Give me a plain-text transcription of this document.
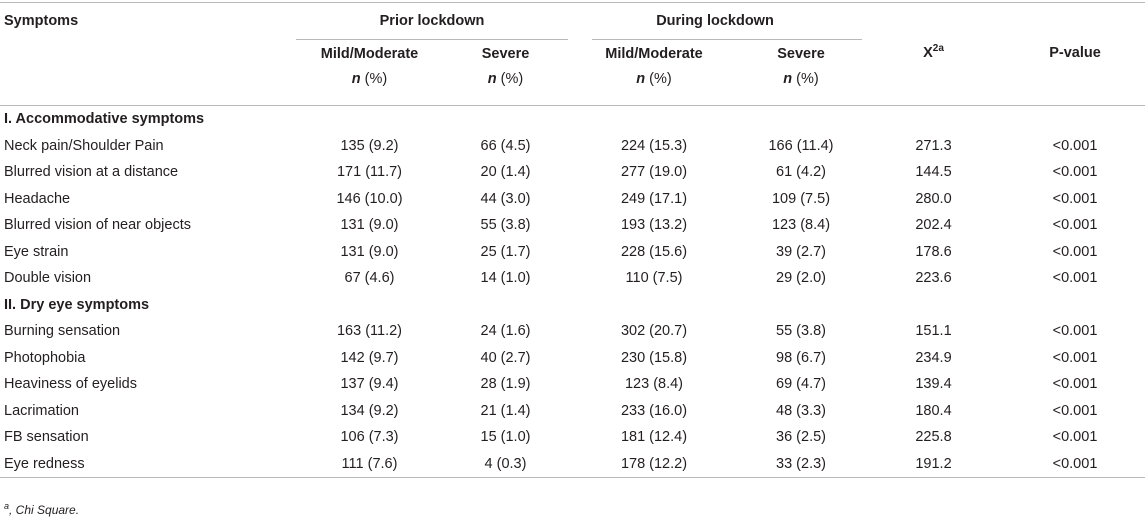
Symptoms	Prior lockdown		During lockdown			
	Mild/Moderate	Severe	Mild/Moderate	Severe	$X^{2a}$	P-value
	n (%)	n (%)	n (%)	n (%)		
I. Accommodative symptoms						
Neck pain/Shoulder Pain	135 (9.2)	66 (4.5)	224 (15.3)	166 (11.4)	271.3	<0.001
Blurred vision at a distance	171 (11.7)	20 (1.4)	277 (19.0)	61 (4.2)	144.5	<0.001
Headache	146 (10.0)	44 (3.0)	249 (17.1)	109 (7.5)	280.0	<0.001
Blurred vision of near objects	131 (9.0)	55 (3.8)	193 (13.2)	123 (8.4)	202.4	<0.001
Eye strain	131 (9.0)	25 (1.7)	228 (15.6)	39 (2.7)	178.6	<0.001
Double vision	67 (4.6)	14 (1.0)	110 (7.5)	29 (2.0)	223.6	<0.001
II. Dry eye symptoms						
Burning sensation	163 (11.2)	24 (1.6)	302 (20.7)	55 (3.8)	151.1	<0.001
Photophobia	142 (9.7)	40 (2.7)	230 (15.8)	98 (6.7)	234.9	<0.001
Heaviness of eyelids	137 (9.4)	28 (1.9)	123 (8.4)	69 (4.7)	139.4	<0.001
Lacrimation	134 (9.2)	21 (1.4)	233 (16.0)	48 (3.3)	180.4	<0.001
FB sensation	106 (7.3)	15 (1.0)	181 (12.4)	36 (2.5)	225.8	<0.001
Eye redness	111 (7.6)	4 (0.3)	178 (12.2)	33 (2.3)	191.2	<0.001
$^a$, Chi Square.
